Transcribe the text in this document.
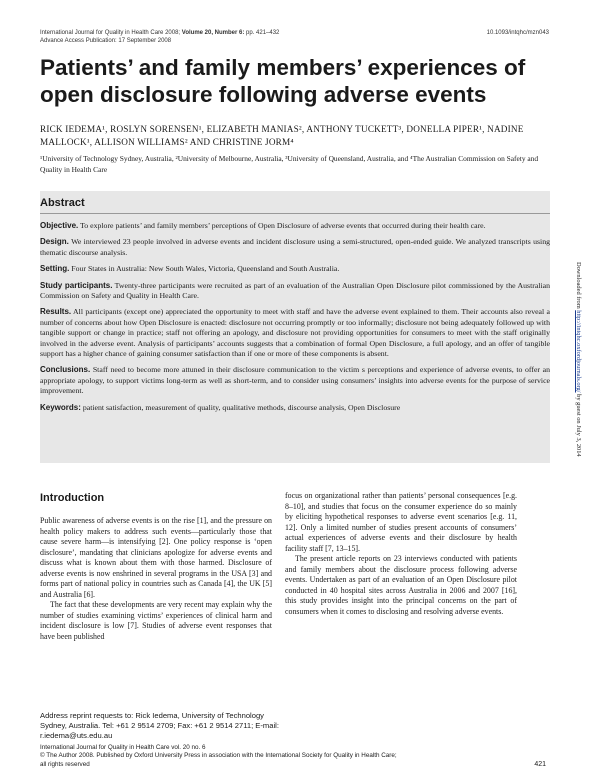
International Journal for Quality in Health Care 2008; Volume 20, Number 6: pp. 421–432
Advance Access Publication: 17 September 2008
10.1093/intqhc/mzn043
Patients’ and family members’ experiences of open disclosure following adverse events
RICK IEDEMA¹, ROSLYN SORENSEN¹, ELIZABETH MANIAS², ANTHONY TUCKETT³, DONELLA PIPER¹, NADINE MALLOCK¹, ALLISON WILLIAMS² AND CHRISTINE JORM⁴
¹University of Technology Sydney, Australia, ²University of Melbourne, Australia, ³University of Queensland, Australia, and ⁴The Australian Commission on Safety and Quality in Health Care
Abstract

Objective. To explore patients’ and family members’ perceptions of Open Disclosure of adverse events that occurred during their health care.

Design. We interviewed 23 people involved in adverse events and incident disclosure using a semi-structured, open-ended guide. We analyzed transcripts using thematic discourse analysis.

Setting. Four States in Australia: New South Wales, Victoria, Queensland and South Australia.

Study participants. Twenty-three participants were recruited as part of an evaluation of the Australian Open Disclosure pilot commissioned by the Australian Commission on Safety and Quality in Health Care.

Results. All participants (except one) appreciated the opportunity to meet with staff and have the adverse event explained to them. Their accounts also reveal a number of concerns about how Open Disclosure is enacted: disclosure not occurring promptly or too informally; disclosure not being adequately followed up with tangible support or change in practice; staff not offering an apology, and disclosure not providing opportunities for consumers to meet with the staff originally involved in the adverse event. Analysis of participants’ accounts suggests that a combination of formal Open Disclosure, a full apology, and an offer of tangible support has a higher chance of gaining consumer satisfaction than if one or more of these components is absent.

Conclusions. Staff need to become more attuned in their disclosure communication to the victim s perceptions and experience of adverse events, to offer an appropriate apology, to support victims long-term as well as short-term, and to consider using consumers’ insights into adverse events for the purpose of service improvement.

Keywords: patient satisfaction, measurement of quality, qualitative methods, discourse analysis, Open Disclosure

Introduction

Public awareness of adverse events is on the rise [1], and the pressure on health policy makers to address such events—particularly those that cause severe harm—is intensifying [2]. One policy response is ‘open disclosure’, mandating that clinicians apologize for adverse events and discuss what is known about them with those harmed. Disclosure of adverse events is now enshrined in several programs in the USA [3] and forms part of national policy in countries such as Canada [4], the UK [5] and Australia [6].

The fact that these developments are very recent may explain why the number of studies examining victims’ experiences of clinical harm and incident disclosure is low [7]. Studies of adverse event responses that have been published

focus on organizational rather than patients’ personal consequences [e.g. 8–10], and studies that focus on the consumer experience do so mainly by eliciting hypothetical responses to adverse event scenarios [e.g. 11, 12]. Only a limited number of studies present accounts of consumers’ actual experiences of adverse events and their disclosure by health facility staff [7, 13–15].

The present article reports on 23 interviews conducted with patients and family members about the disclosure process following adverse events. Undertaken as part of an evaluation of an Open Disclosure pilot conducted in 40 hospital sites across Australia in 2006 and 2007 [16], this study provides insight into the principal concerns on the part of consumers when it comes to disclosing and resolving adverse events.

Address reprint requests to: Rick Iedema, University of Technology Sydney, Australia. Tel: +61 2 9514 2709; Fax: +61 2 9514 2711; E-mail: r.iedema@uts.edu.au
International Journal for Quality in Health Care vol. 20 no. 6
© The Author 2008. Published by Oxford University Press in association with the International Society for Quality in Health Care;
all rights reserved	421
Downloaded from http://intqhc.oxfordjournals.org/ by guest on July 3, 2014
